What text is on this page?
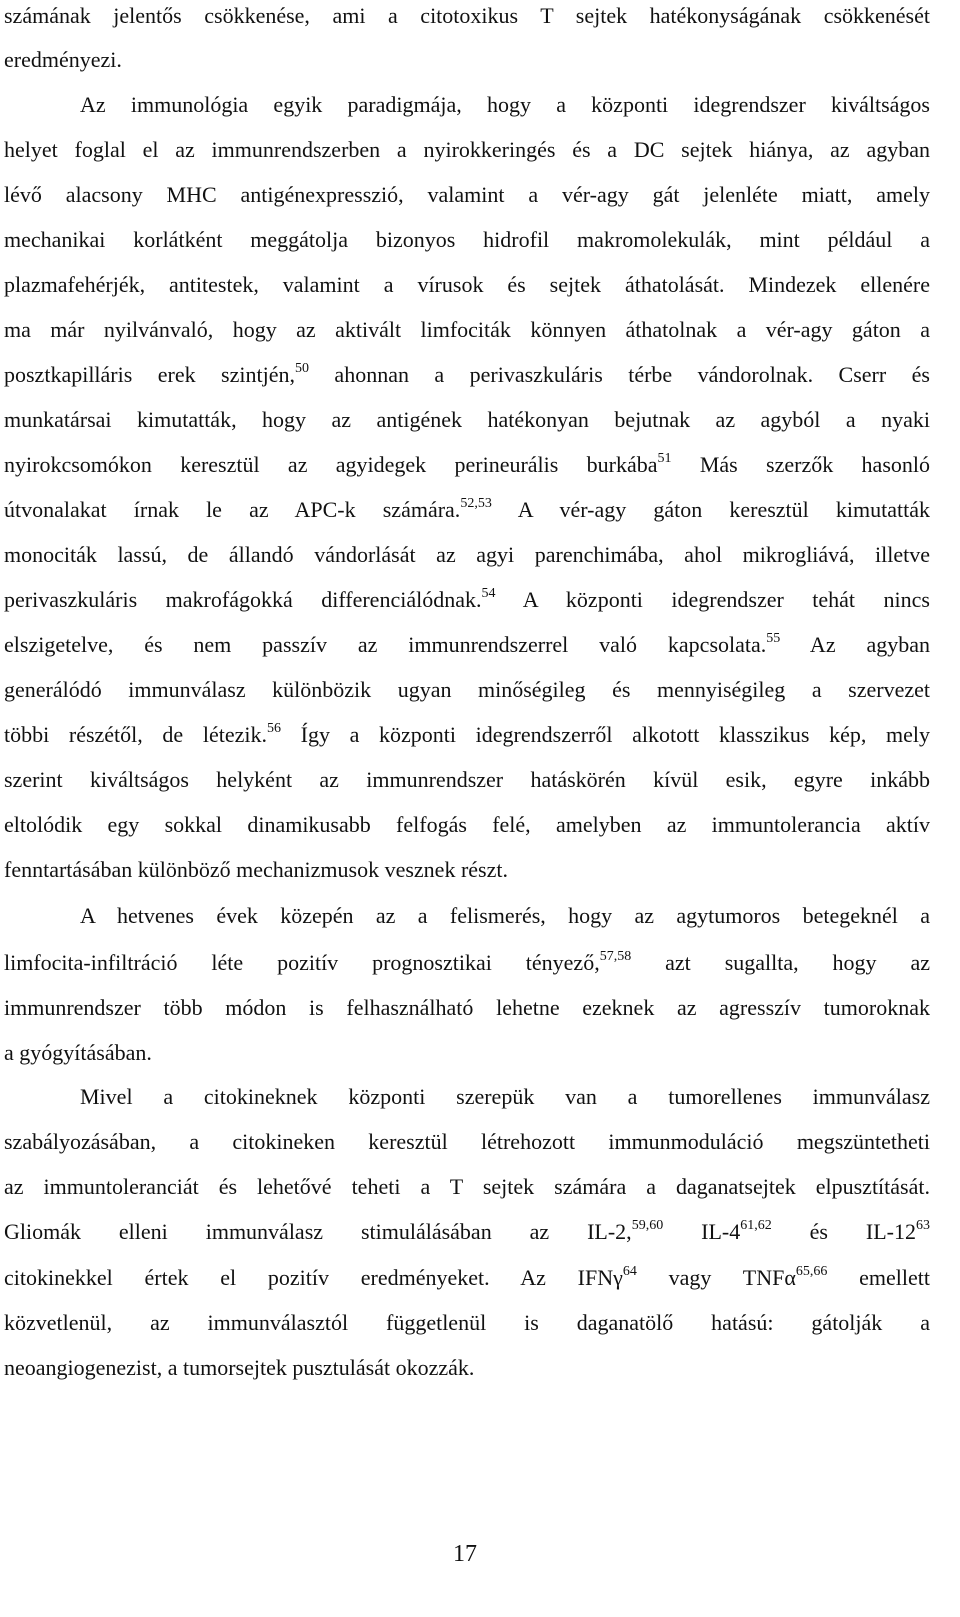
számának jelentős csökkenése, ami a citotoxikus T sejtek hatékonyságának csökkenését
eredményezi.
Az immunológia egyik paradigmája, hogy a központi idegrendszer kiváltságos
helyet foglal el az immunrendszerben a nyirokkeringés és a DC sejtek hiánya, az agyban
lévő alacsony MHC antigénexpresszió, valamint a vér-agy gát jelenléte miatt, amely
mechanikai korlátként meggátolja bizonyos hidrofil makromolekulák, mint például a
plazmafehérjék, antitestek, valamint a vírusok és sejtek áthatolását. Mindezek ellenére
ma már nyilvánvaló, hogy az aktivált limfociták könnyen áthatolnak a vér-agy gáton a
posztkapilláris erek szintjén,$^{50}$ ahonnan a perivaszkuláris térbe vándorolnak. Cserr és
munkatársai kimutatták, hogy az antigének hatékonyan bejutnak az agyból a nyaki
nyirokcsomókon keresztül az agyidegek perineurális burkába$^{51}$ Más szerzők hasonló
útvonalakat írnak le az APC-k számára.$^{52,53}$ A vér-agy gáton keresztül kimutatták
monociták lassú, de állandó vándorlását az agyi parenchimába, ahol mikrogliává, illetve
perivaszkuláris makrofágokká differenciálódnak.$^{54}$ A központi idegrendszer tehát nincs
elszigetelve, és nem passzív az immunrendszerrel való kapcsolata.$^{55}$ Az agyban
generálódó immunválasz különbözik ugyan minőségileg és mennyiségileg a szervezet
többi részétől, de létezik.$^{56}$ Így a központi idegrendszerről alkotott klasszikus kép, mely
szerint kiváltságos helyként az immunrendszer hatáskörén kívül esik, egyre inkább
eltolódik egy sokkal dinamikusabb felfogás felé, amelyben az immuntolerancia aktív
fenntartásában különböző mechanizmusok vesznek részt.
A hetvenes évek közepén az a felismerés, hogy az agytumoros betegeknél a
limfocita-infiltráció léte pozitív prognosztikai tényező,$^{57,58}$ azt sugallta, hogy az
immunrendszer több módon is felhasználható lehetne ezeknek az agresszív tumoroknak
a gyógyításában.
Mivel a citokineknek központi szerepük van a tumorellenes immunválasz
szabályozásában, a citokineken keresztül létrehozott immunmoduláció megszüntetheti
az immuntoleranciát és lehetővé teheti a T sejtek számára a daganatsejtek elpusztítását.
Gliomák elleni immunválasz stimulálásában az IL-2,$^{59,60}$ IL-4$^{61,62}$ és $IL-12^{63}$
citokinekkel értek el pozitív eredményeket. Az IFNγ$^{64}$ vagy TNFα$^{65,66}$ emellett
közvetlenül, az immunválasztól függetlenül is daganatölő hatású: gátolják a
neoangiogenezist, a tumorsejtek pusztulását okozzák.
17
